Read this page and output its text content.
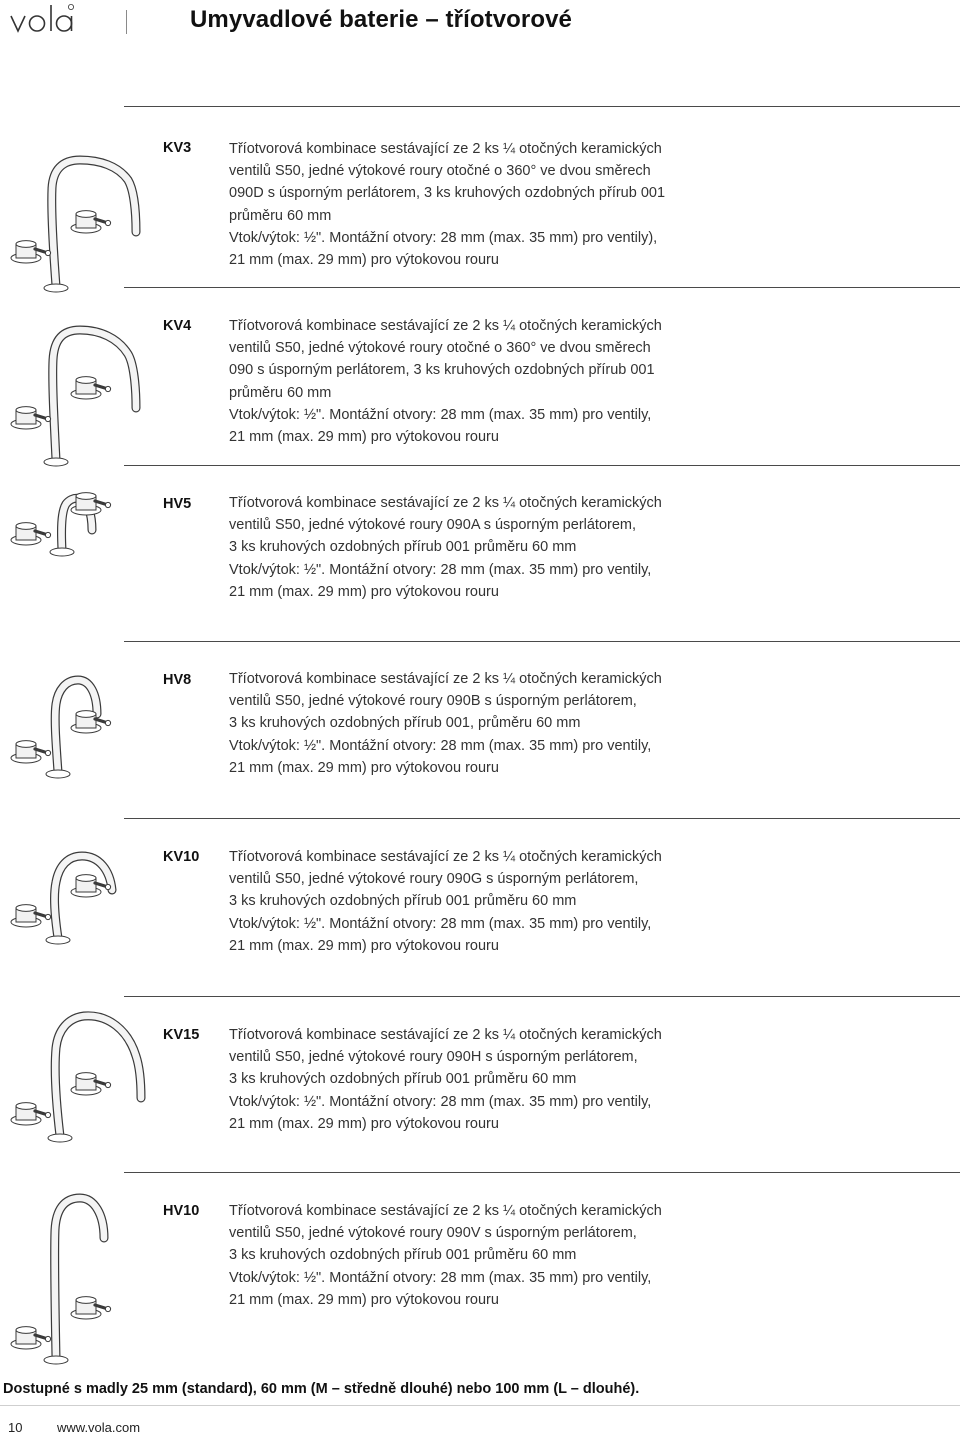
Umyvadlové baterie – tříotvorové
KV3	Tříotvorová kombinace sestávající ze 2 ks ¼ otočných keramických
ventilů S50, jedné výtokové roury otočné o 360° ve dvou směrech
090D s úsporným perlátorem, 3 ks kruhových ozdobných přírub 001
průměru 60 mm
Vtok/výtok: ½". Montážní otvory: 28 mm (max. 35 mm) pro ventily),
21 mm (max. 29 mm) pro výtokovou rouru
KV4	Tříotvorová kombinace sestávající ze 2 ks ¼ otočných keramických
ventilů S50, jedné výtokové roury otočné o 360° ve dvou směrech
090 s úsporným perlátorem, 3 ks kruhových ozdobných přírub 001
průměru 60 mm
Vtok/výtok: ½". Montážní otvory: 28 mm (max. 35 mm) pro ventily,
21 mm (max. 29 mm) pro výtokovou rouru
HV5	Tříotvorová kombinace sestávající ze 2 ks ¼ otočných keramických
ventilů S50, jedné výtokové roury 090A s úsporným perlátorem,
3 ks kruhových ozdobných přírub 001 průměru 60 mm
Vtok/výtok: ½". Montážní otvory: 28 mm (max. 35 mm) pro ventily,
21 mm (max. 29 mm) pro výtokovou rouru
HV8	Tříotvorová kombinace sestávající ze 2 ks ¼ otočných keramických
ventilů S50, jedné výtokové roury 090B s úsporným perlátorem,
3 ks kruhových ozdobných přírub 001, průměru 60 mm
Vtok/výtok: ½". Montážní otvory: 28 mm (max. 35 mm) pro ventily,
21 mm (max. 29 mm) pro výtokovou rouru
KV10 Tříotvorová kombinace sestávající ze 2 ks ¼ otočných keramických
ventilů S50, jedné výtokové roury 090G s úsporným perlátorem,
3 ks kruhových ozdobných přírub 001 průměru 60 mm
Vtok/výtok: ½". Montážní otvory: 28 mm (max. 35 mm) pro ventily,
21 mm (max. 29 mm) pro výtokovou rouru
KV15 Tříotvorová kombinace sestávající ze 2 ks ¼ otočných keramických
ventilů S50, jedné výtokové roury 090H s úsporným perlátorem,
3 ks kruhových ozdobných přírub 001 průměru 60 mm
Vtok/výtok: ½". Montážní otvory: 28 mm (max. 35 mm) pro ventily,
21 mm (max. 29 mm) pro výtokovou rouru
HV10 Tříotvorová kombinace sestávající ze 2 ks ¼ otočných keramických
ventilů S50, jedné výtokové roury 090V s úsporným perlátorem,
3 ks kruhových ozdobných přírub 001 průměru 60 mm
Vtok/výtok: ½". Montážní otvory: 28 mm (max. 35 mm) pro ventily,
21 mm (max. 29 mm) pro výtokovou rouru

Dostupné s madly 25 mm (standard), 60 mm (M – středně dlouhé) nebo 100 mm (L – dlouhé).

10	www.vola.com
